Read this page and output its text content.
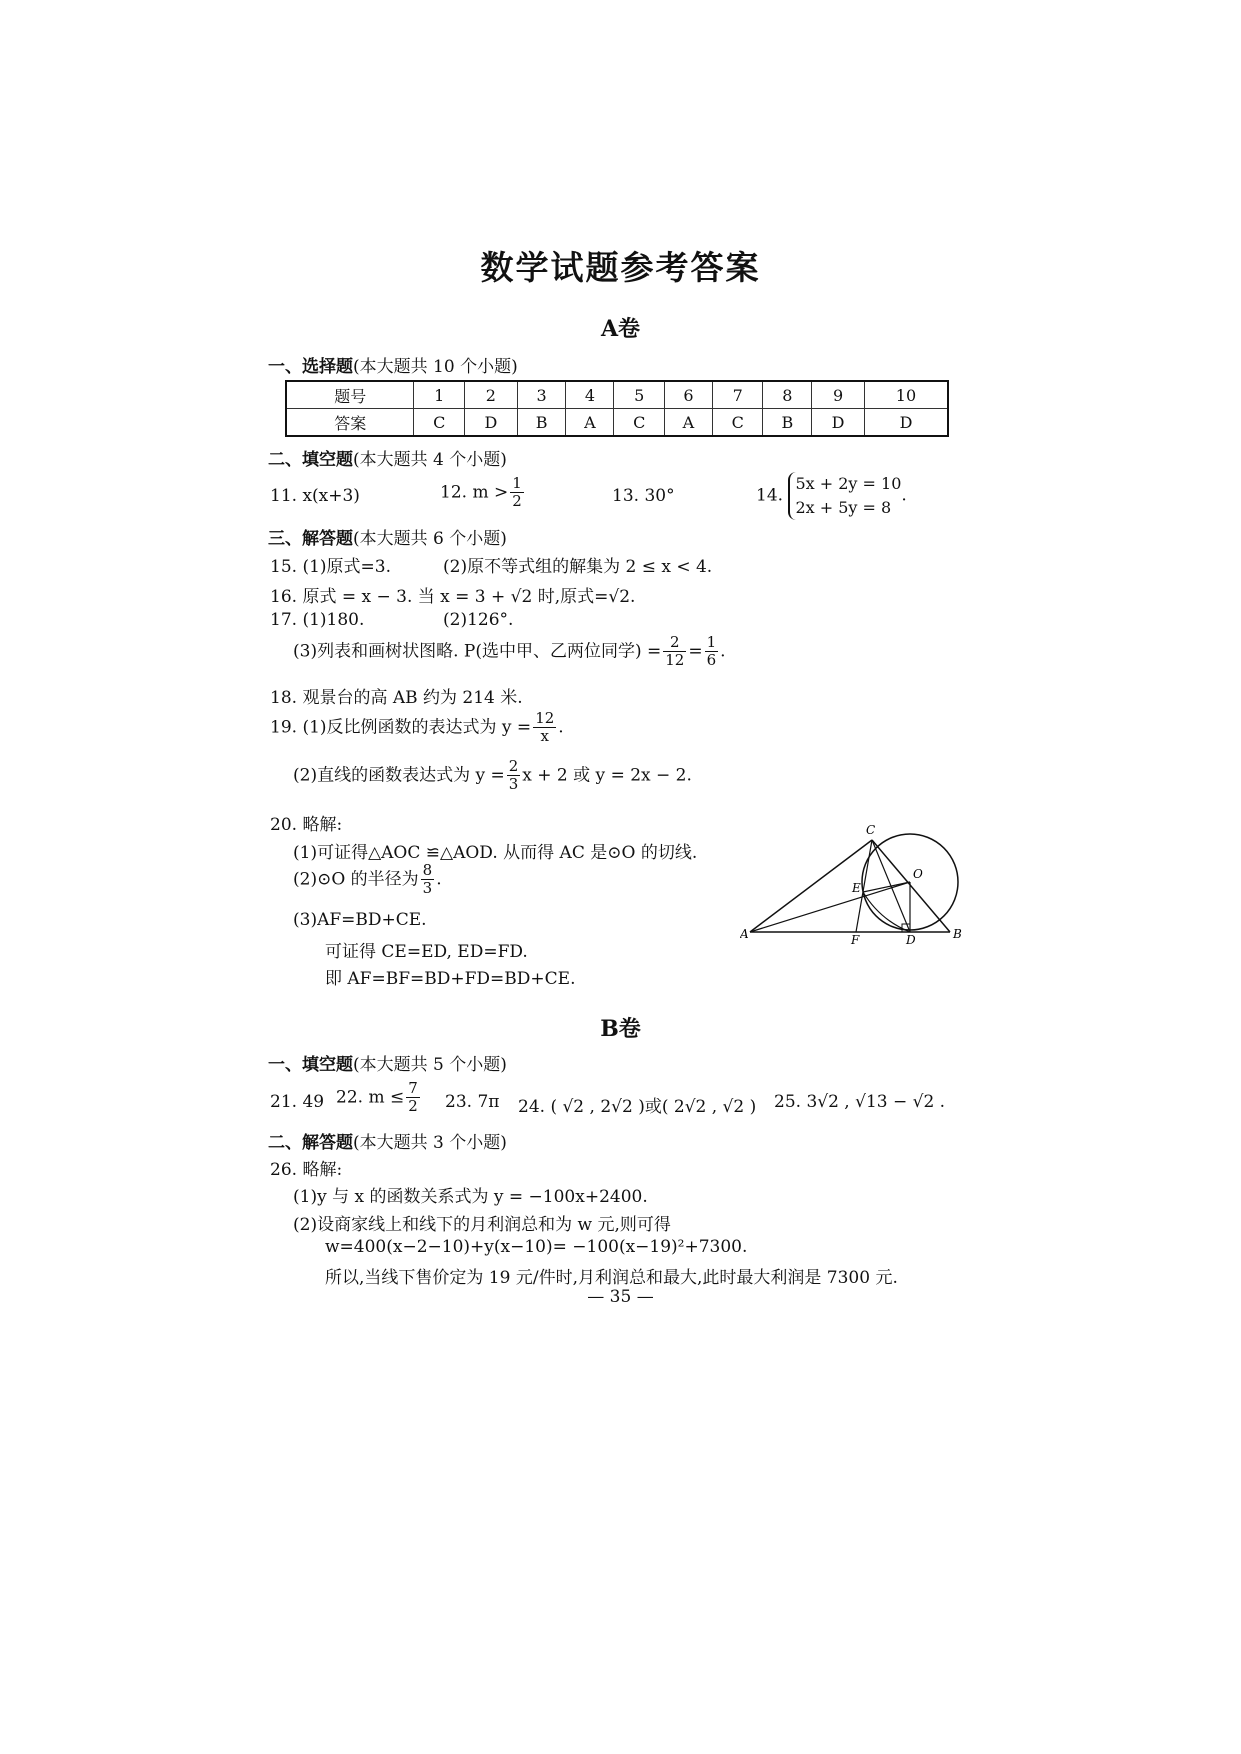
数学试题参考答案
A卷
一、选择题(本大题共 10 个小题)
题号	1	2	3	4	5	6	7	8	9	10
答案	C	D	B	A	C	A	C	B	D	D
二、填空题(本大题共 4 个小题)
11. x(x+3)	12. $m > \frac{1}{2}$	13. 30°	14. 5x + 2y = 10
2x + 5y = 8.
三、解答题(本大题共 6 个小题)
15. (1)原式=3.	(2)原不等式组的解集为 2 ≤ x < 4.
16. 原式 = x − 3. 当 x = 3 + √2 时,原式=√2.
17. (1)180.	(2)126°.
(3)列表和画树状图略. P(选中甲、乙两位同学) = $\frac{2}{12} = \frac{1}{6}$ .
18. 观景台的高 AB 约为 214 米.
19. (1)反比例函数的表达式为 $y = \frac{12}{x}$ .
(2)直线的函数表达式为 $y = \frac{2}{3}$ x + 2 或 y = 2x − 2.
20. 略解:
(1)可证得△AOC ≌△AOD. 从而得 AC 是⊙O 的切线.
(2)⊙O 的半径为 $\frac{8}{3}$ .
(3)AF=BD+CE.
可证得 CE=ED, ED=FD.
即 AF=BF=BD+FD=BD+CE.
A	B
C
D
E
F
O
B卷
一、填空题(本大题共 5 个小题)
21. 49 22. $m \le \frac{7}{2} 23$. 7π 24. ( √2 , 2√2 )或( 2√2 , √2 ) 25. 3√2 , √13 − √2 .
二、解答题(本大题共 3 个小题)
26. 略解:
(1)y 与 x 的函数关系式为 y = −100x+2400.
(2)设商家线上和线下的月利润总和为 w 元,则可得
w=400(x−2−10)+y(x−10)= −100(x−19)²+7300.
所以,当线下售价定为 19 元/件时,月利润总和最大,此时最大利润是 7300 元.
— 35 —
